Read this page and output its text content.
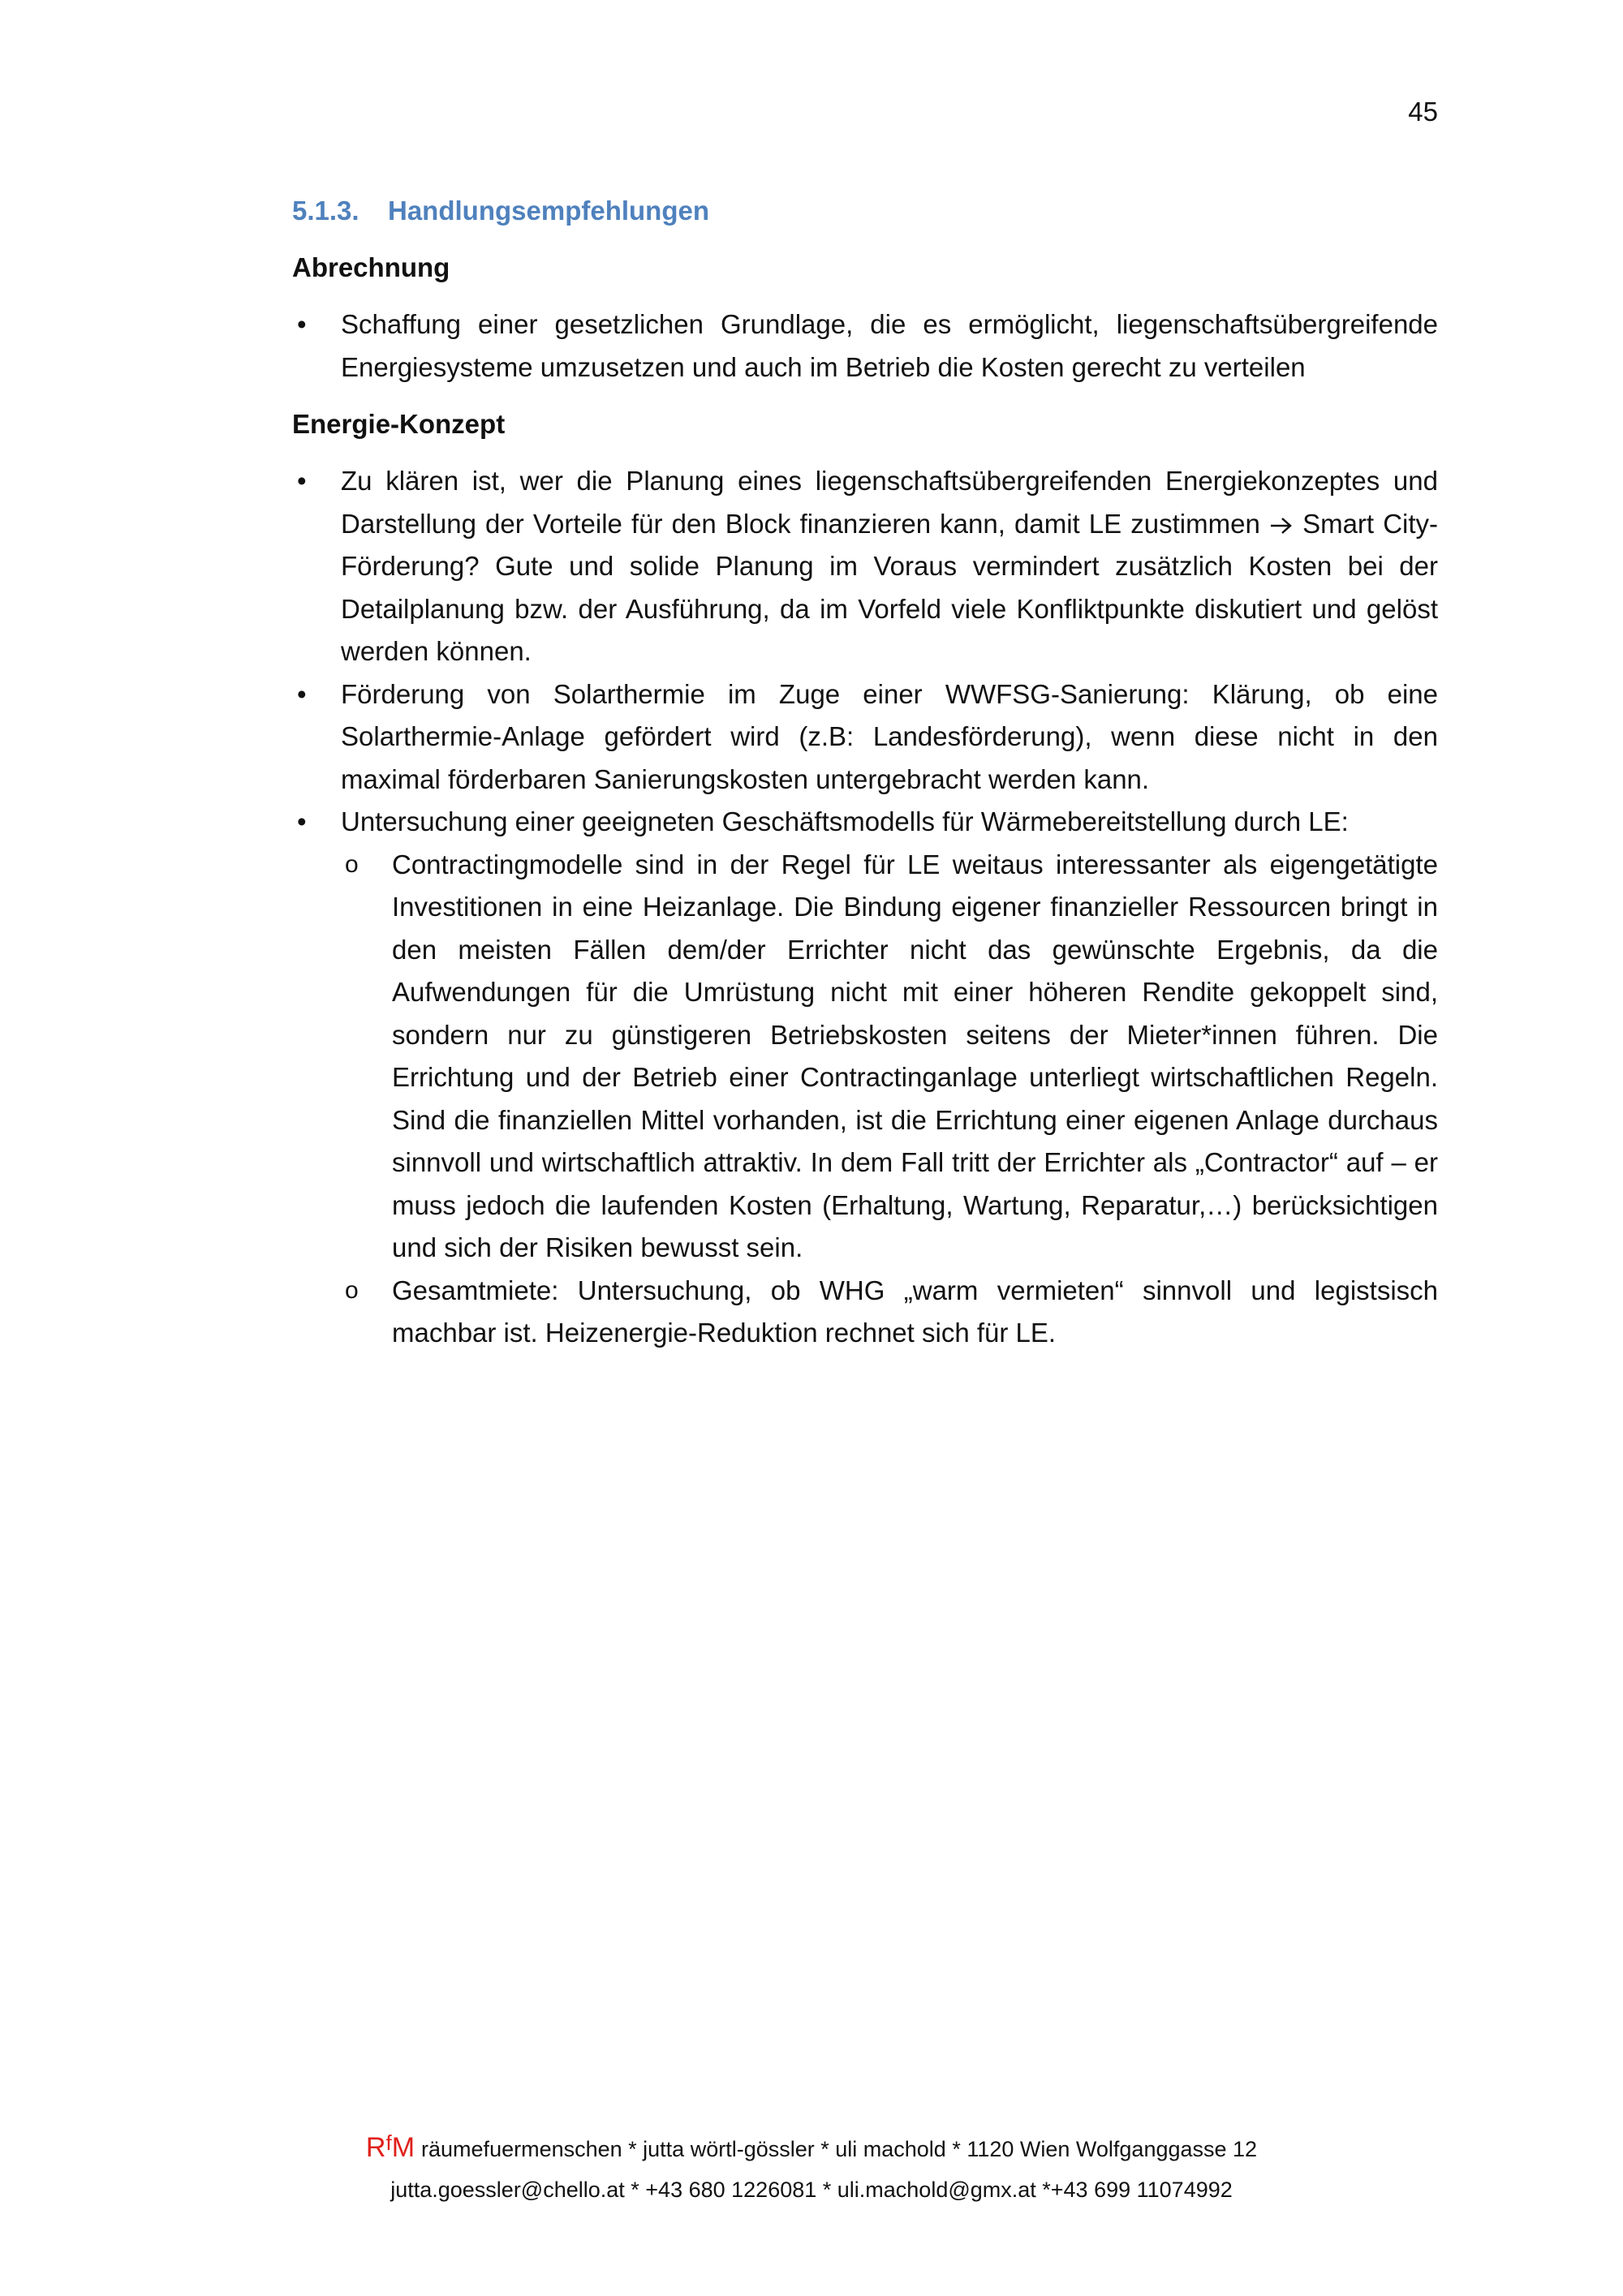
45
5.1.3.	Handlungsempfehlungen
Abrechnung
• Schaffung einer gesetzlichen Grundlage, die es ermöglicht, liegenschaftsübergreifende Energiesysteme umzusetzen und auch im Betrieb die Kosten gerecht zu verteilen
Energie-Konzept
• Zu klären ist, wer die Planung eines liegenschaftsübergreifenden Energiekonzeptes und Darstellung der Vorteile für den Block finanzieren kann, damit LE zustimmen Smart City-Förderung? Gute und solide Planung im Voraus vermindert zusätzlich Kosten bei der Detailplanung bzw. der Ausführung, da im Vorfeld viele Konfliktpunkte diskutiert und gelöst werden können.
• Förderung von Solarthermie im Zuge einer WWFSG-Sanierung: Klärung, ob eine Solarthermie-Anlage gefördert wird (z.B: Landesförderung), wenn diese nicht in den maximal förderbaren Sanierungskosten untergebracht werden kann.
• Untersuchung einer geeigneten Geschäftsmodells für Wärmebereitstellung durch LE:
o Contractingmodelle sind in der Regel für LE weitaus interessanter als eigengetätigte Investitionen in eine Heizanlage. Die Bindung eigener finanzieller Ressourcen bringt in den meisten Fällen dem/der Errichter nicht das gewünschte Ergebnis, da die Aufwendungen für die Umrüstung nicht mit einer höheren Rendite gekoppelt sind, sondern nur zu günstigeren Betriebskosten seitens der Mieter*innen führen. Die Errichtung und der Betrieb einer Contractinganlage unterliegt wirtschaftlichen Regeln. Sind die finanziellen Mittel vorhanden, ist die Errichtung einer eigenen Anlage durchaus sinnvoll und wirtschaftlich attraktiv. In dem Fall tritt der Errichter als „Contractor“ auf – er muss jedoch die laufenden Kosten (Erhaltung, Wartung, Reparatur,…) berücksichtigen und sich der Risiken bewusst sein.
o Gesamtmiete: Untersuchung, ob WHG „warm vermieten“ sinnvoll und legistsisch machbar ist. Heizenergie-Reduktion rechnet sich für LE.
$R^fM$ räumefuermenschen * jutta wörtl-gössler * uli machold * 1120 Wien Wolfganggasse 12
jutta.goessler@chello.at * +43 680 1226081 * uli.machold@gmx.at *+43 699 11074992
